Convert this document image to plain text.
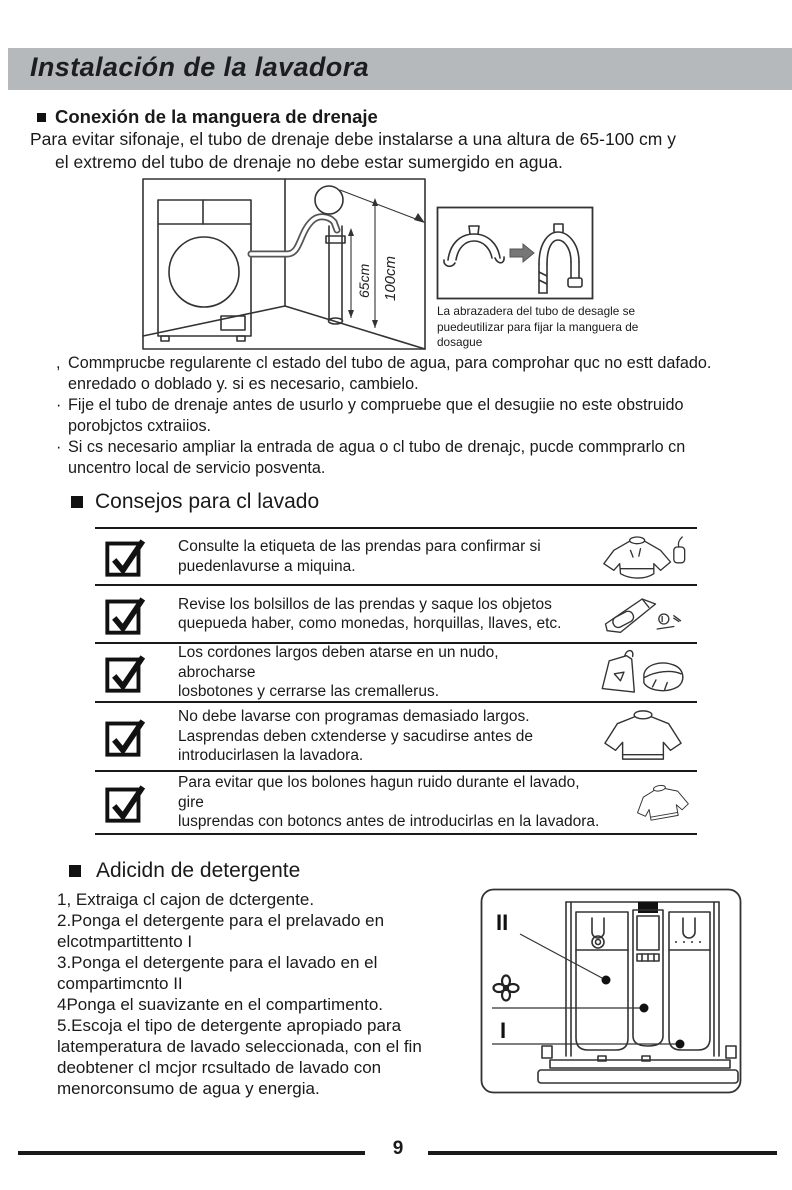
Instalación de la lavadora
Conexión de la manguera de drenaje
Para evitar sifonaje, el tubo de drenaje debe instalarse a una altura de 65-100 cm y
el extremo del tubo de drenaje no debe estar sumergido en agua.
65cm 100cm
La abrazadera del tubo de desagle se
puedeutilizar para fijar la manguera de
dosague
, Commprucbe regularente cl estado del tubo de agua, para comprohar quc no estt dafado.
enredado o doblado y. si es necesario, cambielo.
· Fije el tubo de drenaje antes de usurlo y compruebe que el desugiie no este obstruido
porobjctos cxtraiios.
· Si cs necesario ampliar la entrada de agua o cl tubo de drenajc, pucde commprarlo cn
uncentro local de servicio posventa.
Consejos para cl lavado
Consulte la etiqueta de las prendas para confirmar si
puedenlavurse a miquina.
Revise los bolsillos de las prendas y saque los objetos
quepueda haber, como monedas, horquillas, llaves, etc.
Los cordones largos deben atarse en un nudo, abrocharse
losbotones y cerrarse las cremallerus.
No debe lavarse con programas demasiado largos.
Lasprendas deben cxtenderse y sacudirse antes de
introducirlasen la lavadora.
Para evitar que los bolones hagun ruido durante el lavado, gire
lusprendas con botoncs antes de introducirlas en la lavadora.
Adicidn de detergente
1, Extraiga cl cajon de dctergente.
2.Ponga el detergente para el prelavado en
elcotmpartittento I
3.Ponga el detergente para el lavado en el
compartimcnto II
4Ponga el suavizante en el compartimento.
5.Escoja el tipo de detergente apropiado para
latemperatura de lavado seleccionada, con el fin
deobtener cl mcjor rcsultado de lavado con
menorconsumo de agua y energia.
II
I
9
